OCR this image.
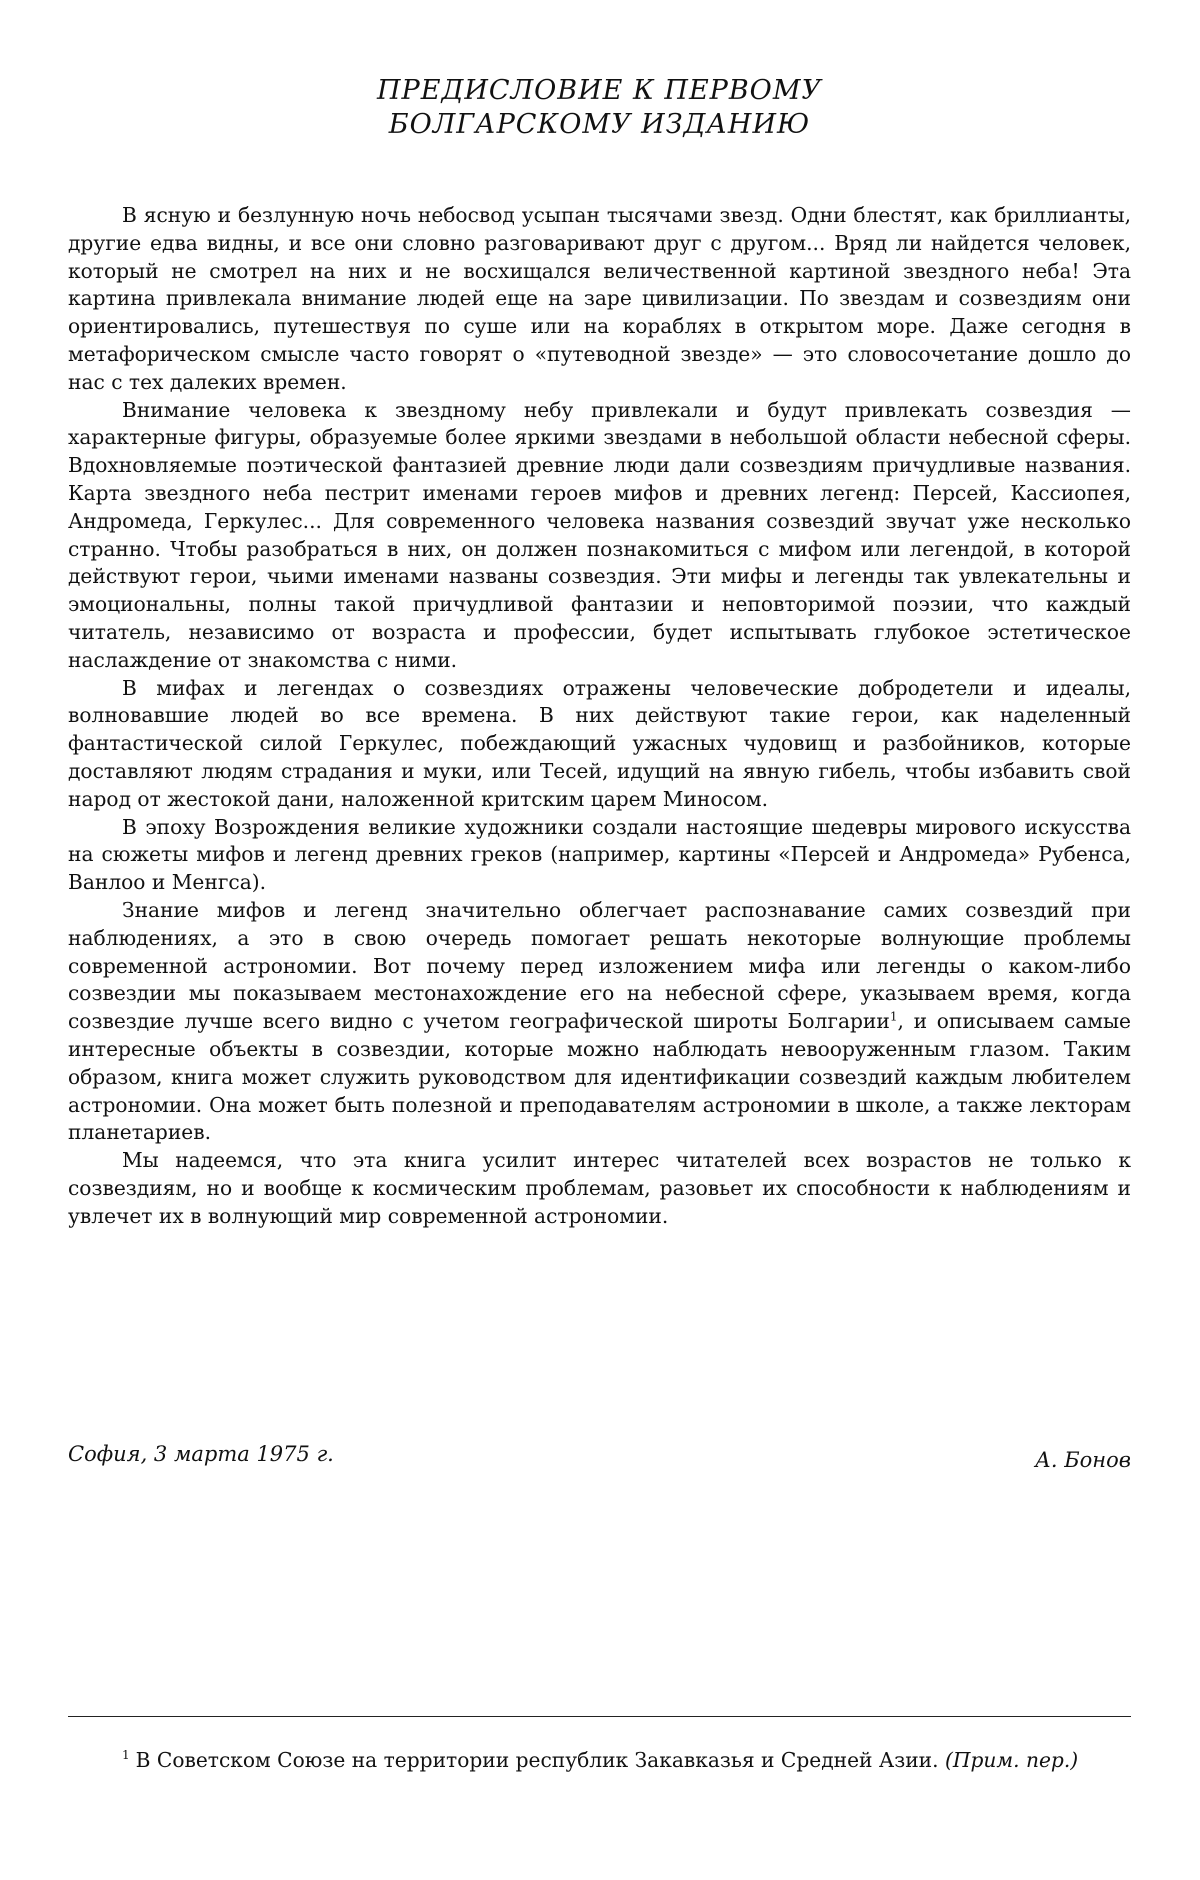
ПРЕДИСЛОВИЕ К ПЕРВОМУ
БОЛГАРСКОМУ ИЗДАНИЮ

В ясную и безлунную ночь небосвод усыпан тысячами звезд. Одни блестят, как бриллианты, другие едва видны, и все они словно разговаривают друг с другом... Вряд ли найдется человек, который не смотрел на них и не восхищался величественной картиной звездного неба! Эта картина привлекала внимание людей еще на заре цивилизации. По звездам и созвездиям они ориентировались, путешествуя по суше или на кораблях в открытом море. Даже сегодня в метафорическом смысле часто говорят о «путеводной звезде» — это словосочетание дошло до нас с тех далеких времен.

Внимание человека к звездному небу привлекали и будут привлекать созвездия — характерные фигуры, образуемые более яркими звездами в небольшой области небесной сферы. Вдохновляемые поэтической фантазией древние люди дали созвездиям причудливые названия. Карта звездного неба пестрит именами героев мифов и древних легенд: Персей, Кассиопея, Андромеда, Геркулес... Для современного человека названия созвездий звучат уже несколько странно. Чтобы разобраться в них, он должен познакомиться с мифом или легендой, в которой действуют герои, чьими именами названы созвездия. Эти мифы и легенды так увлекательны и эмоциональны, полны такой причудливой фантазии и неповторимой поэзии, что каждый читатель, независимо от возраста и профессии, будет испытывать глубокое эстетическое наслаждение от знакомства с ними.

В мифах и легендах о созвездиях отражены человеческие добродетели и идеалы, волновавшие людей во все времена. В них действуют такие герои, как наделенный фантастической силой Геркулес, побеждающий ужасных чудовищ и разбойников, которые доставляют людям страдания и муки, или Тесей, идущий на явную гибель, чтобы избавить свой народ от жестокой дани, наложенной критским царем Миносом.

В эпоху Возрождения великие художники создали настоящие шедевры мирового искусства на сюжеты мифов и легенд древних греков (например, картины «Персей и Андромеда» Рубенса, Ванлоо и Менгса).

Знание мифов и легенд значительно облегчает распознавание самих созвездий при наблюдениях, а это в свою очередь помогает решать некоторые волнующие проблемы современной астрономии. Вот почему перед изложением мифа или легенды о каком-либо созвездии мы показываем местонахождение его на небесной сфере, указываем время, когда созвездие лучше всего видно с учетом географической широты Болгарии$^1$, и описываем самые интересные объекты в созвездии, которые можно наблюдать невооруженным глазом. Таким образом, книга может служить руководством для идентификации созвездий каждым любителем астрономии. Она может быть полезной и преподавателям астрономии в школе, а также лекторам планетариев.

Мы надеемся, что эта книга усилит интерес читателей всех возрастов не только к созвездиям, но и вообще к космическим проблемам, разовьет их способности к наблюдениям и увлечет их в волнующий мир современной астрономии.

София, 3 марта 1975 г.	А. Бонов
$^1$ В Советском Союзе на территории республик Закавказья и Средней Азии. (Прим. пер.)
